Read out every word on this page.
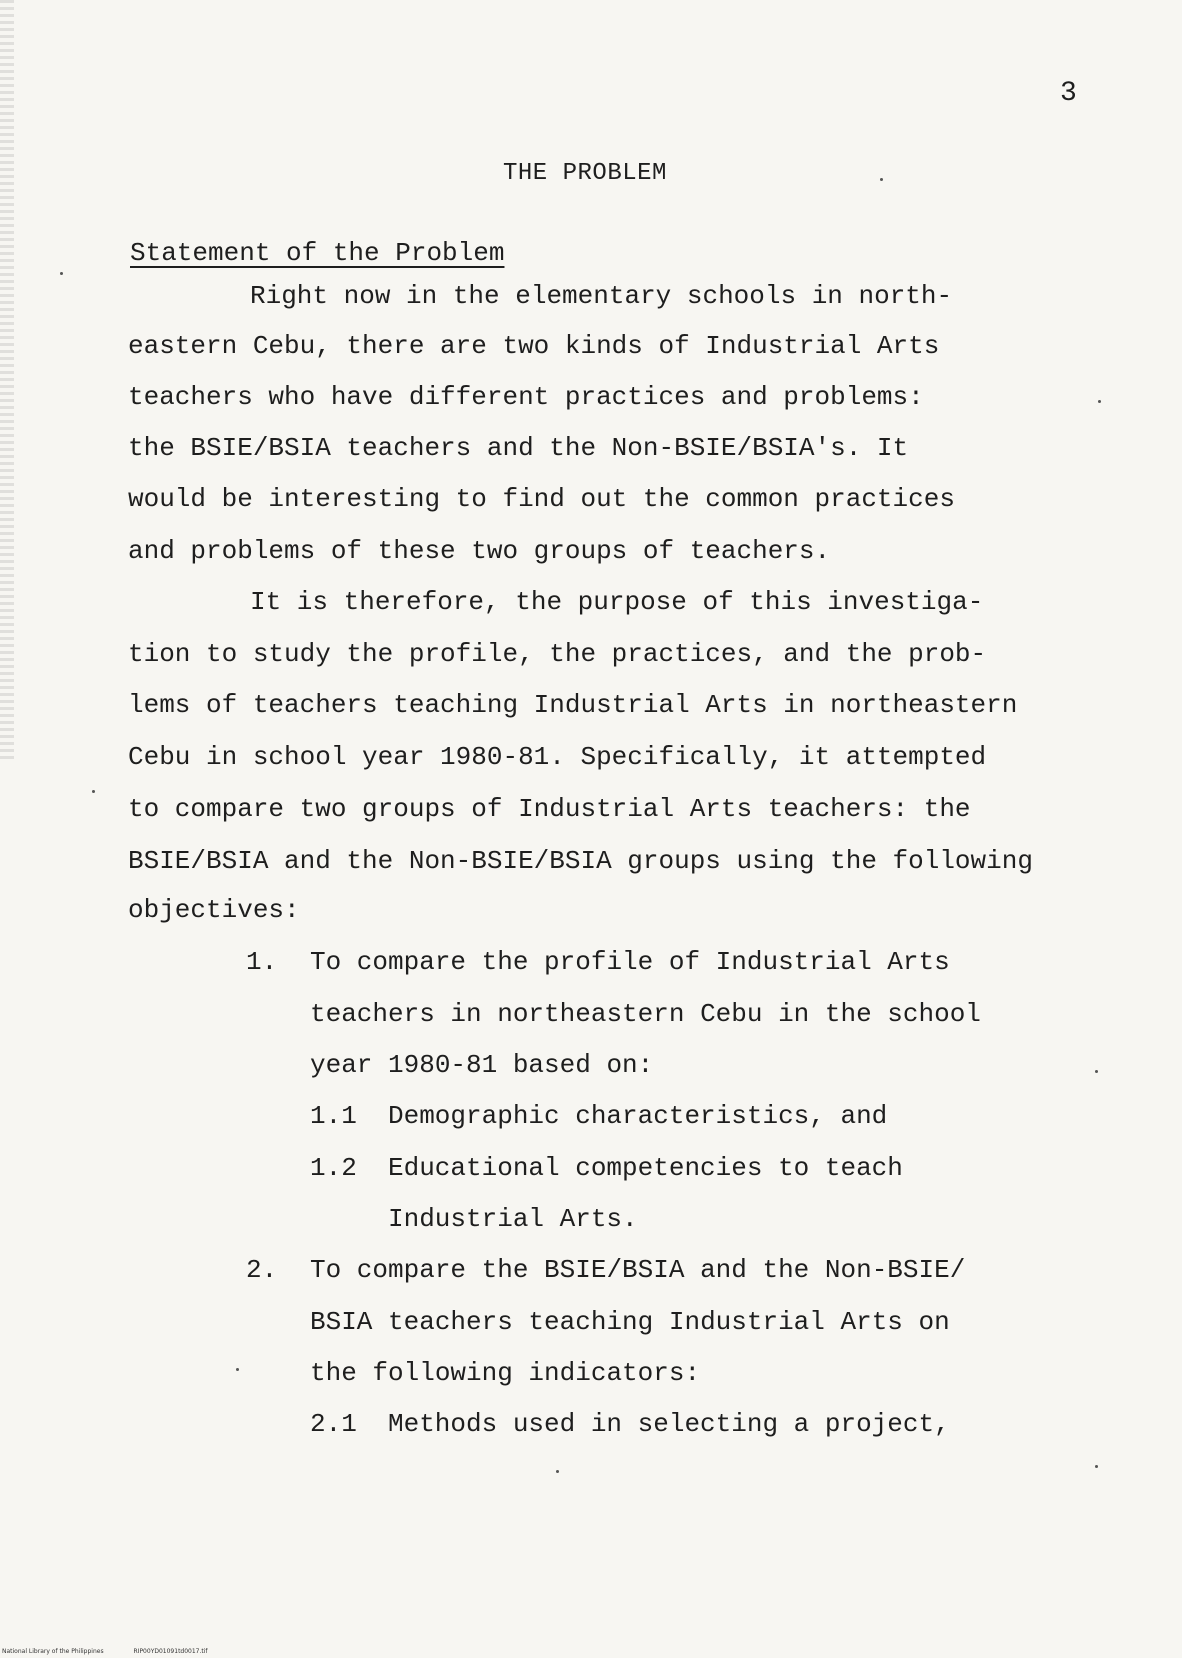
3
THE PROBLEM
Statement of the Problem
Right now in the elementary schools in north-
eastern Cebu, there are two kinds of Industrial Arts
teachers who have different practices and problems:
the BSIE/BSIA teachers and the Non-BSIE/BSIA's. It
would be interesting to find out the common practices
and problems of these two groups of teachers.
It is therefore, the purpose of this investiga-
tion to study the profile, the practices, and the prob-
lems of teachers teaching Industrial Arts in northeastern
Cebu in school year 1980-81. Specifically, it attempted
to compare two groups of Industrial Arts teachers: the
BSIE/BSIA and the Non-BSIE/BSIA groups using the following
objectives:
1. To compare the profile of Industrial Arts
teachers in northeastern Cebu in the school
year 1980-81 based on:
1.1 Demographic characteristics, and
1.2 Educational competencies to teach
Industrial Arts.
2. To compare the BSIE/BSIA and the Non-BSIE/
BSIA teachers teaching Industrial Arts on
the following indicators:
2.1 Methods used in selecting a project,
National Library of the Philippines	RIP00YD01091td0017.tif
